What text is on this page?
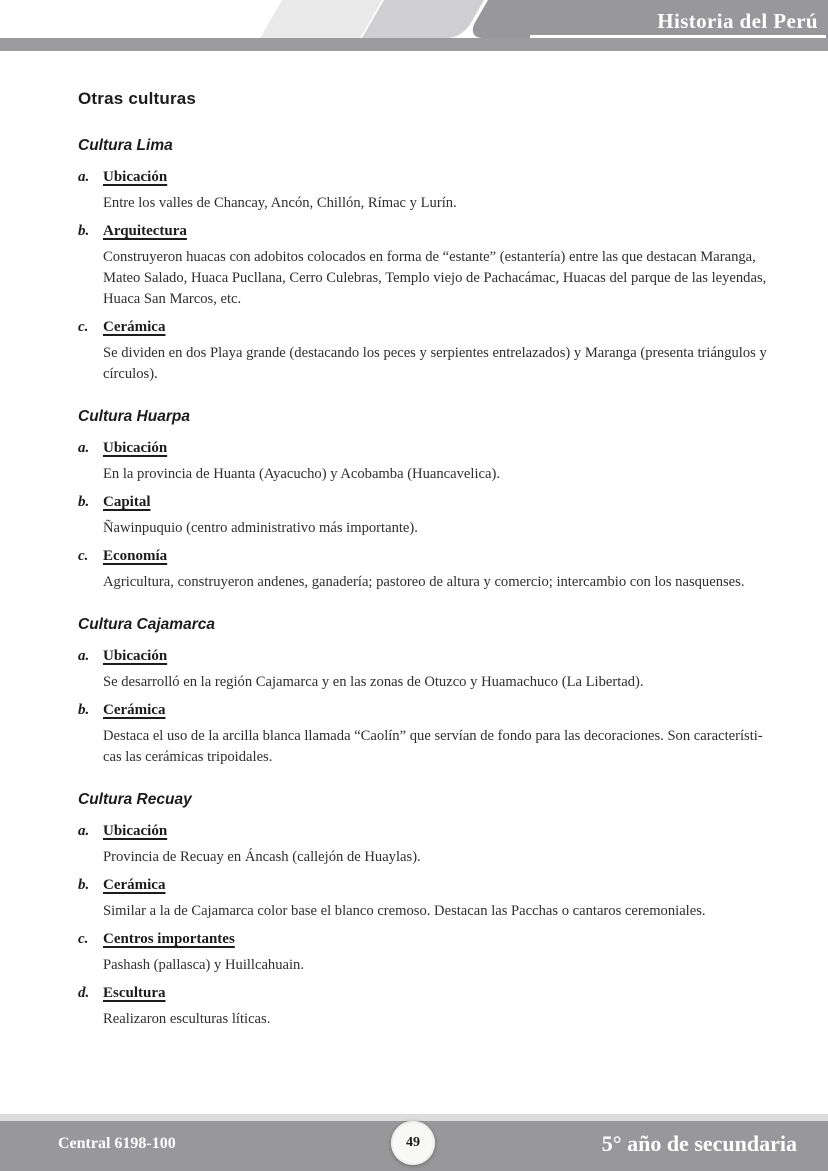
Historia del Perú
Otras culturas
Cultura Lima
a. Ubicación

Entre los valles de Chancay, Ancón, Chillón, Rímac y Lurín.

b. Arquitectura

Construyeron huacas con adobitos colocados en forma de “estante” (estantería) entre las que destacan Maranga, Mateo Salado, Huaca Pucllana, Cerro Culebras, Templo viejo de Pachacámac, Huacas del parque de las leyendas, Huaca San Marcos, etc.

c. Cerámica

Se dividen en dos Playa grande (destacando los peces y serpientes entrelazados) y Maranga (presenta triángulos y círculos).

Cultura Huarpa
a. Ubicación

En la provincia de Huanta (Ayacucho) y Acobamba (Huancavelica).

b. Capital

Ñawinpuquio (centro administrativo más importante).

c. Economía

Agricultura, construyeron andenes, ganadería; pastoreo de altura y comercio; intercambio con los nasquenses.

Cultura Cajamarca
a. Ubicación

Se desarrolló en la región Cajamarca y en las zonas de Otuzco y Huamachuco (La Libertad).

b. Cerámica

Destaca el uso de la arcilla blanca llamada “Caolín” que servían de fondo para las decoraciones. Son característi-cas las cerámicas tripoidales.

Cultura Recuay
a. Ubicación

Provincia de Recuay en Áncash (callejón de Huaylas).

b. Cerámica

Similar a la de Cajamarca color base el blanco cremoso. Destacan las Pacchas o cantaros ceremoniales.

c. Centros importantes

Pashash (pallasca) y Huillcahuain.

d. Escultura

Realizaron esculturas líticas.

Central 6198-100	49	5° año de secundaria
